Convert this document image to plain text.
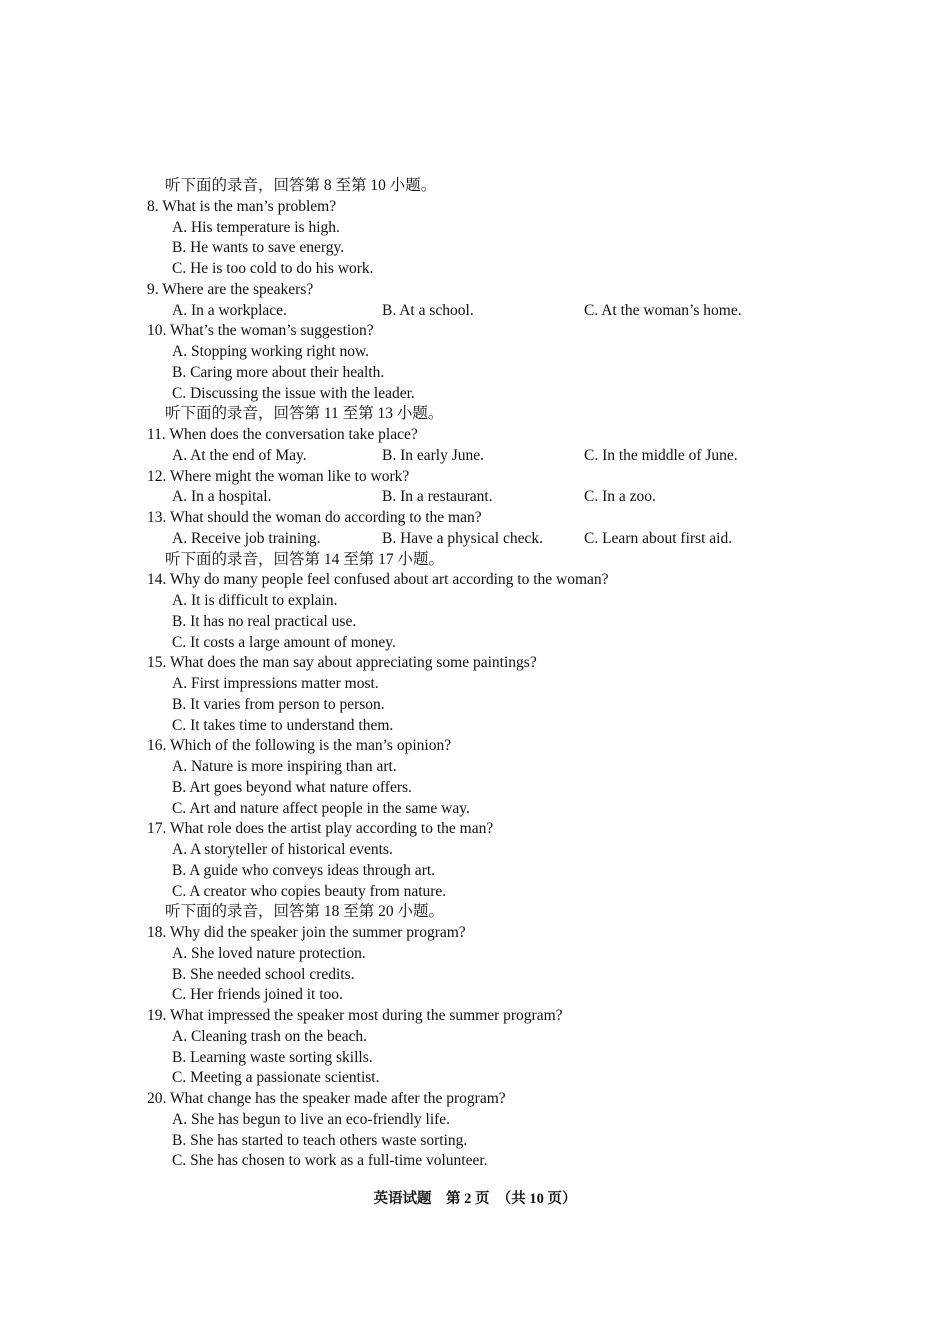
听下面的录音，回答第 8 至第 10 小题。
8. What is the man’s problem?
A. His temperature is high.
B. He wants to save energy.
C. He is too cold to do his work.
9. Where are the speakers?
A. In a workplace.	B. At a school.	C. At the woman’s home.
10. What’s the woman’s suggestion?
A. Stopping working right now.
B. Caring more about their health.
C. Discussing the issue with the leader.
听下面的录音，回答第 11 至第 13 小题。
11. When does the conversation take place?
A. At the end of May.	B. In early June.	C. In the middle of June.
12. Where might the woman like to work?
A. In a hospital.	B. In a restaurant.	C. In a zoo.
13. What should the woman do according to the man?
A. Receive job training.	B. Have a physical check.	C. Learn about first aid.
听下面的录音，回答第 14 至第 17 小题。
14. Why do many people feel confused about art according to the woman?
A. It is difficult to explain.
B. It has no real practical use.
C. It costs a large amount of money.
15. What does the man say about appreciating some paintings?
A. First impressions matter most.
B. It varies from person to person.
C. It takes time to understand them.
16. Which of the following is the man’s opinion?
A. Nature is more inspiring than art.
B. Art goes beyond what nature offers.
C. Art and nature affect people in the same way.
17. What role does the artist play according to the man?
A. A storyteller of historical events.
B. A guide who conveys ideas through art.
C. A creator who copies beauty from nature.
听下面的录音，回答第 18 至第 20 小题。
18. Why did the speaker join the summer program?
A. She loved nature protection.
B. She needed school credits.
C. Her friends joined it too.
19. What impressed the speaker most during the summer program?
A. Cleaning trash on the beach.
B. Learning waste sorting skills.
C. Meeting a passionate scientist.
20. What change has the speaker made after the program?
A. She has begun to live an eco-friendly life.
B. She has started to teach others waste sorting.
C. She has chosen to work as a full-time volunteer.
英语试题　第 2 页　（共 10 页）
